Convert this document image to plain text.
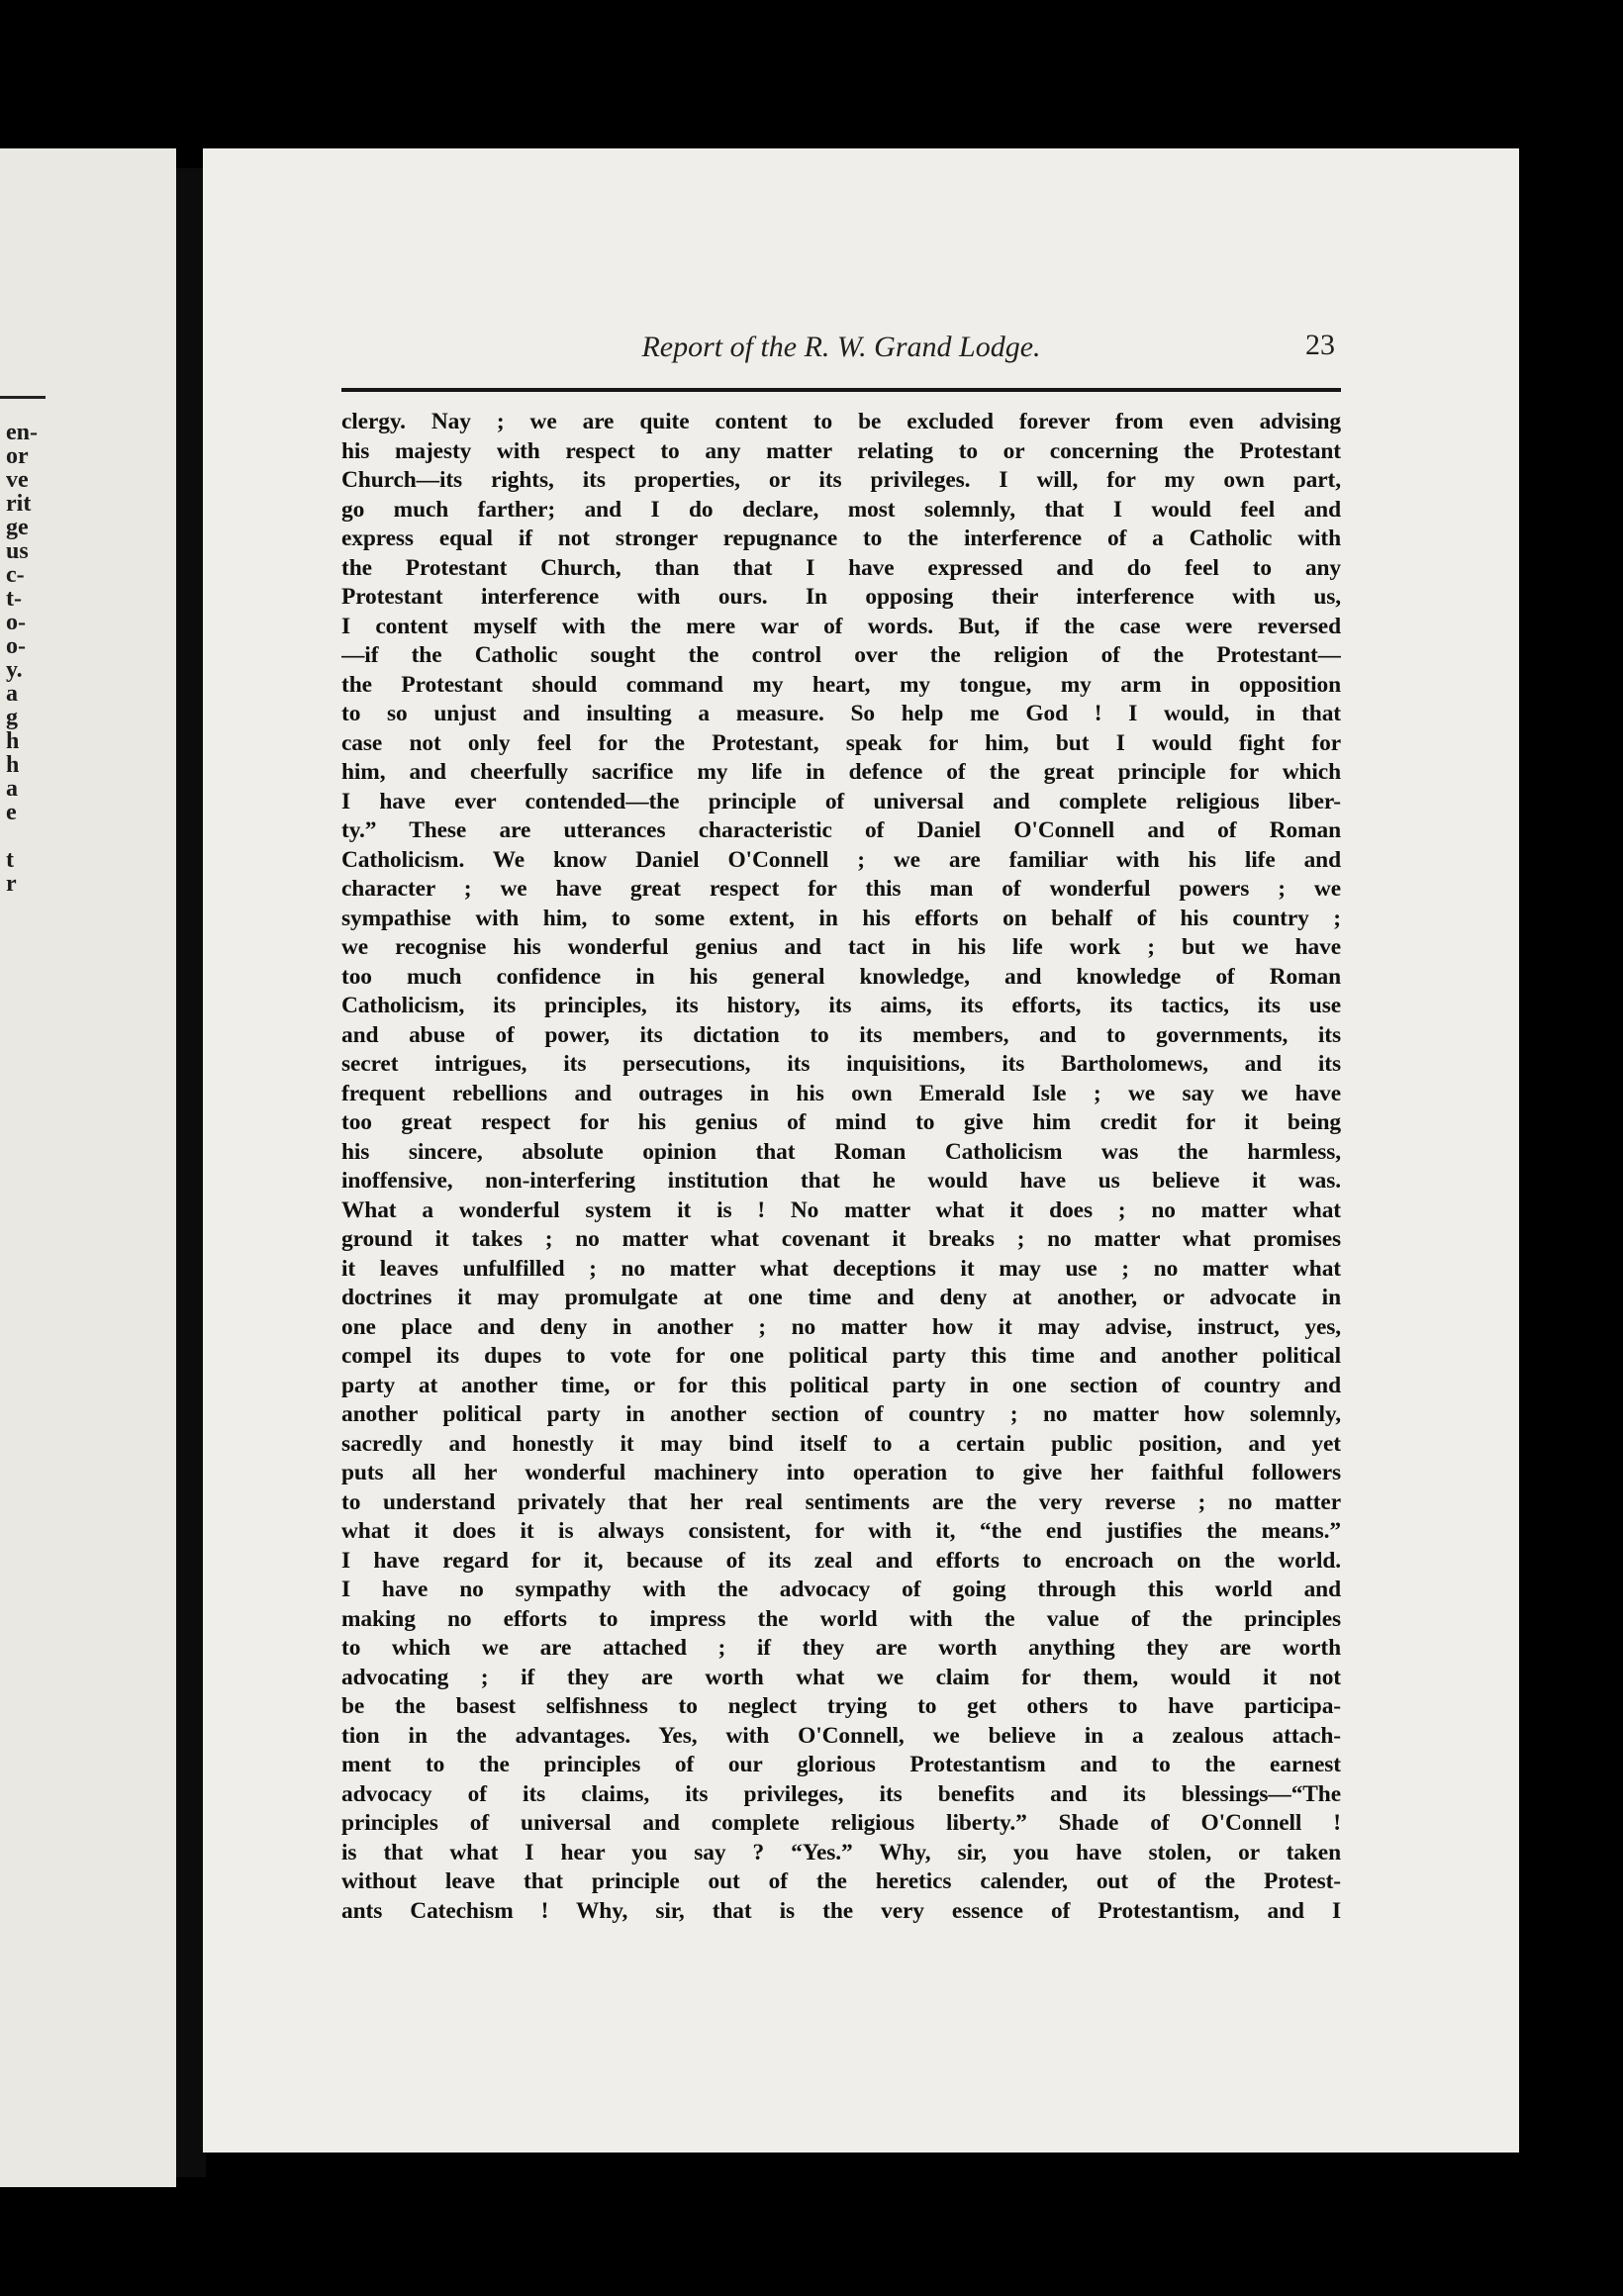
en-
or
ve
rit
ge
us
c-
t-
o-
o-
y.
a
g
h
h
a
e
t
r
Report of the R. W. Grand Lodge.	23
clergy. Nay ; we are quite content to be excluded forever from even advising
his majesty with respect to any matter relating to or concerning the Protestant
Church—its rights, its properties, or its privileges. I will, for my own part,
go much farther; and I do declare, most solemnly, that I would feel and
express equal if not stronger repugnance to the interference of a Catholic with
the Protestant Church, than that I have expressed and do feel to any
Protestant interference with ours. In opposing their interference with us,
I content myself with the mere war of words. But, if the case were reversed
—if the Catholic sought the control over the religion of the Protestant—
the Protestant should command my heart, my tongue, my arm in opposition
to so unjust and insulting a measure. So help me God ! I would, in that
case not only feel for the Protestant, speak for him, but I would fight for
him, and cheerfully sacrifice my life in defence of the great principle for which
I have ever contended—the principle of universal and complete religious liber-
ty.” These are utterances characteristic of Daniel O'Connell and of Roman
Catholicism. We know Daniel O'Connell ; we are familiar with his life and
character ; we have great respect for this man of wonderful powers ; we
sympathise with him, to some extent, in his efforts on behalf of his country ;
we recognise his wonderful genius and tact in his life work ; but we have
too much confidence in his general knowledge, and knowledge of Roman
Catholicism, its principles, its history, its aims, its efforts, its tactics, its use
and abuse of power, its dictation to its members, and to governments, its
secret intrigues, its persecutions, its inquisitions, its Bartholomews, and its
frequent rebellions and outrages in his own Emerald Isle ; we say we have
too great respect for his genius of mind to give him credit for it being
his sincere, absolute opinion that Roman Catholicism was the harmless,
inoffensive, non-interfering institution that he would have us believe it was.
What a wonderful system it is ! No matter what it does ; no matter what
ground it takes ; no matter what covenant it breaks ; no matter what promises
it leaves unfulfilled ; no matter what deceptions it may use ; no matter what
doctrines it may promulgate at one time and deny at another, or advocate in
one place and deny in another ; no matter how it may advise, instruct, yes,
compel its dupes to vote for one political party this time and another political
party at another time, or for this political party in one section of country and
another political party in another section of country ; no matter how solemnly,
sacredly and honestly it may bind itself to a certain public position, and yet
puts all her wonderful machinery into operation to give her faithful followers
to understand privately that her real sentiments are the very reverse ; no matter
what it does it is always consistent, for with it, “the end justifies the means.”
I have regard for it, because of its zeal and efforts to encroach on the world.
I have no sympathy with the advocacy of going through this world and
making no efforts to impress the world with the value of the principles
to which we are attached ; if they are worth anything they are worth
advocating ; if they are worth what we claim for them, would it not
be the basest selfishness to neglect trying to get others to have participa-
tion in the advantages. Yes, with O'Connell, we believe in a zealous attach-
ment to the principles of our glorious Protestantism and to the earnest
advocacy of its claims, its privileges, its benefits and its blessings—“The
principles of universal and complete religious liberty.” Shade of O'Connell !
is that what I hear you say ? “Yes.” Why, sir, you have stolen, or taken
without leave that principle out of the heretics calender, out of the Protest-
ants Catechism ! Why, sir, that is the very essence of Protestantism, and I
